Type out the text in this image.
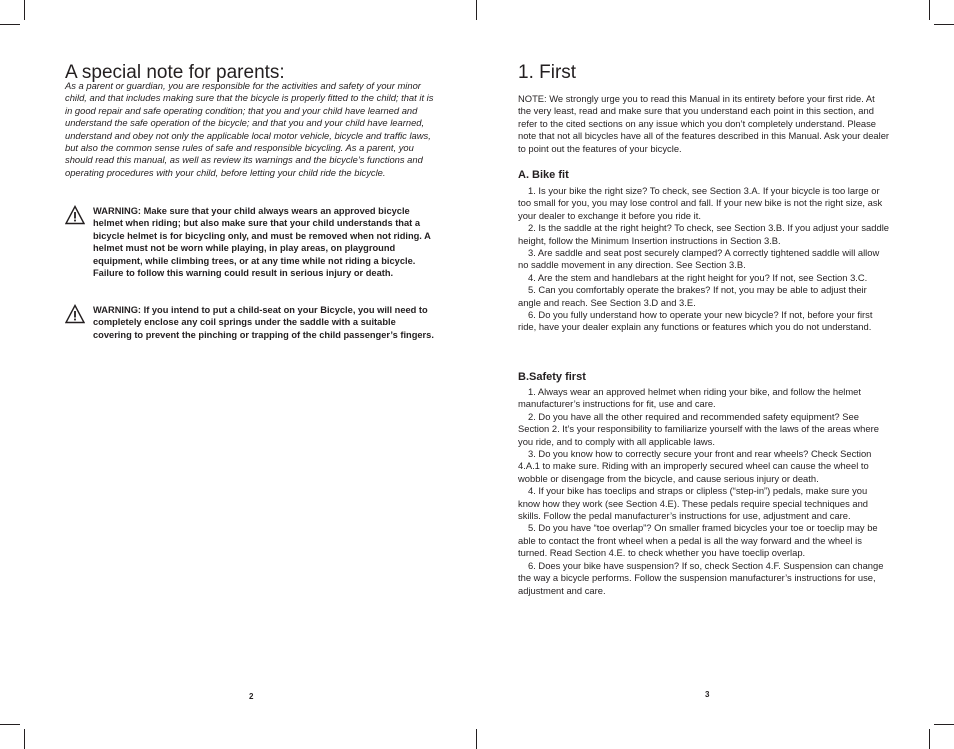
A special note for parents:

As a parent or guardian, you are responsible for the activities and safety of your minor child, and that includes making sure that the bicycle is properly fitted to the child; that it is in good repair and safe operating condition; that you and your child have learned and understand the safe operation of the bicycle; and that you and your child have learned, understand and obey not only the applicable local motor vehicle, bicycle and traffic laws, but also the common sense rules of safe and responsible bicycling. As a parent, you should read this manual, as well as review its warnings and the bicycle’s functions and operating procedures with your child, before letting your child ride the bicycle.

WARNING: Make sure that your child always wears an approved bicycle helmet when riding; but also make sure that your child understands that a bicycle helmet is for bicycling only, and must be removed when not riding. A helmet must not be worn while playing, in play areas, on playground equipment, while climbing trees, or at any time while not riding a bicycle. Failure to follow this warning could result in serious injury or death.

WARNING: If you intend to put a child-seat on your Bicycle, you will need to completely enclose any coil springs under the saddle with a suitable covering to prevent the pinching or trapping of the child passenger’s fingers.

2
1. First

NOTE: We strongly urge you to read this Manual in its entirety before your first ride. At the very least, read and make sure that you understand each point in this section, and refer to the cited sections on any issue which you don’t completely understand. Please note that not all bicycles have all of the features described in this Manual. Ask your dealer to point out the features of your bicycle.

A. Bike fit

1. Is your bike the right size? To check, see Section 3.A. If your bicycle is too large or too small for you, you may lose control and fall. If your new bike is not the right size, ask your dealer to exchange it before you ride it.

2. Is the saddle at the right height? To check, see Section 3.B. If you adjust your saddle height, follow the Minimum Insertion instructions in Section 3.B.

3. Are saddle and seat post securely clamped? A correctly tightened saddle will allow no saddle movement in any direction. See Section 3.B.

4. Are the stem and handlebars at the right height for you? If not, see Section 3.C.

5. Can you comfortably operate the brakes? If not, you may be able to adjust their angle and reach. See Section 3.D and 3.E.

6. Do you fully understand how to operate your new bicycle? If not, before your first ride, have your dealer explain any functions or features which you do not understand.

B.Safety first

1. Always wear an approved helmet when riding your bike, and follow the helmet manufacturer’s instructions for fit, use and care.

2. Do you have all the other required and recommended safety equipment? See Section 2. It’s your responsibility to familiarize yourself with the laws of the areas where you ride, and to comply with all applicable laws.

3. Do you know how to correctly secure your front and rear wheels? Check Section 4.A.1 to make sure. Riding with an improperly secured wheel can cause the wheel to wobble or disengage from the bicycle, and cause serious injury or death.

4. If your bike has toeclips and straps or clipless (“step-in”) pedals, make sure you know how they work (see Section 4.E). These pedals require special techniques and skills. Follow the pedal manufacturer’s instructions for use, adjustment and care.

5. Do you have “toe overlap”? On smaller framed bicycles your toe or toeclip may be able to contact the front wheel when a pedal is all the way forward and the wheel is turned. Read Section 4.E. to check whether you have toeclip overlap.

6. Does your bike have suspension? If so, check Section 4.F. Suspension can change the way a bicycle performs. Follow the suspension manufacturer’s instructions for use, adjustment and care.

3
